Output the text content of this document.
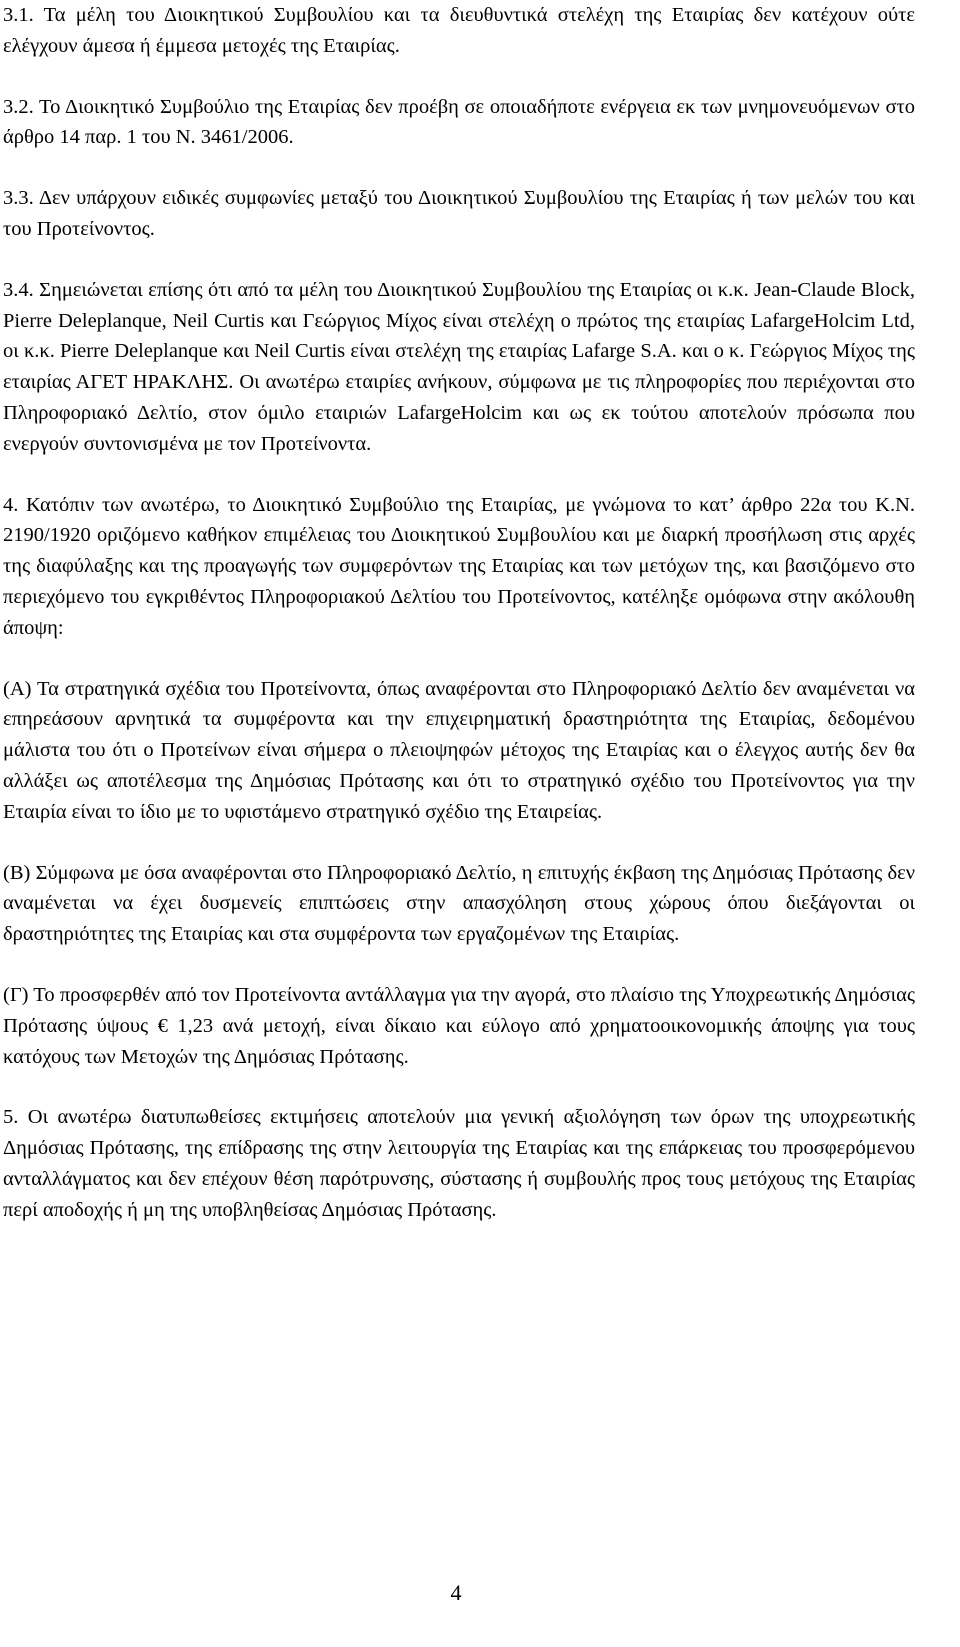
3.1. Τα μέλη του Διοικητικού Συμβουλίου και τα διευθυντικά στελέχη της Εταιρίας δεν κατέχουν ούτε ελέγχουν άμεσα ή έμμεσα μετοχές της Εταιρίας.

3.2. Το Διοικητικό Συμβούλιο της Εταιρίας δεν προέβη σε οποιαδήποτε ενέργεια εκ των μνημονευόμενων στο άρθρο 14 παρ. 1 του Ν. 3461/2006.

3.3. Δεν υπάρχουν ειδικές συμφωνίες μεταξύ του Διοικητικού Συμβουλίου της Εταιρίας ή των μελών του και του Προτείνοντος.

3.4. Σημειώνεται επίσης ότι από τα μέλη του Διοικητικού Συμβουλίου της Εταιρίας οι κ.κ. Jean-Claude Block, Pierre Deleplanque, Neil Curtis και Γεώργιος Μίχος είναι στελέχη ο πρώτος της εταιρίας LafargeHolcim Ltd, οι κ.κ. Pierre Deleplanque και Neil Curtis είναι στελέχη της εταιρίας Lafarge S.A. και ο κ. Γεώργιος Μίχος της εταιρίας ΑΓΕΤ ΗΡΑΚΛΗΣ. Οι ανωτέρω εταιρίες ανήκουν, σύμφωνα με τις πληροφορίες που περιέχονται στο Πληροφοριακό Δελτίο, στον όμιλο εταιριών LafargeHolcim και ως εκ τούτου αποτελούν πρόσωπα που ενεργούν συντονισμένα με τον Προτείνοντα.

4. Κατόπιν των ανωτέρω, το Διοικητικό Συμβούλιο της Εταιρίας, με γνώμονα το κατ’ άρθρο 22α του Κ.Ν. 2190/1920 οριζόμενο καθήκον επιμέλειας του Διοικητικού Συμβουλίου και με διαρκή προσήλωση στις αρχές της διαφύλαξης και της προαγωγής των συμφερόντων της Εταιρίας και των μετόχων της, και βασιζόμενο στο περιεχόμενο του εγκριθέντος Πληροφοριακού Δελτίου του Προτείνοντος, κατέληξε ομόφωνα στην ακόλουθη άποψη:

(Α) Τα στρατηγικά σχέδια του Προτείνοντα, όπως αναφέρονται στο Πληροφοριακό Δελτίο δεν αναμένεται να επηρεάσουν αρνητικά τα συμφέροντα και την επιχειρηματική δραστηριότητα της Εταιρίας, δεδομένου μάλιστα του ότι ο Προτείνων είναι σήμερα ο πλειοψηφών μέτοχος της Εταιρίας και ο έλεγχος αυτής δεν θα αλλάξει ως αποτέλεσμα της Δημόσιας Πρότασης και ότι το στρατηγικό σχέδιο του Προτείνοντος για την Εταιρία είναι το ίδιο με το υφιστάμενο στρατηγικό σχέδιο της Εταιρείας.

(Β) Σύμφωνα με όσα αναφέρονται στο Πληροφοριακό Δελτίο, η επιτυχής έκβαση της Δημόσιας Πρότασης δεν αναμένεται να έχει δυσμενείς επιπτώσεις στην απασχόληση στους χώρους όπου διεξάγονται οι δραστηριότητες της Εταιρίας και στα συμφέροντα των εργαζομένων της Εταιρίας.

(Γ) Το προσφερθέν από τον Προτείνοντα αντάλλαγμα για την αγορά, στο πλαίσιο της Υποχρεωτικής Δημόσιας Πρότασης ύψους € 1,23 ανά μετοχή, είναι δίκαιο και εύλογο από χρηματοοικονομικής άποψης για τους κατόχους των Μετοχών της Δημόσιας Πρότασης.

5. Οι ανωτέρω διατυπωθείσες εκτιμήσεις αποτελούν μια γενική αξιολόγηση των όρων της υποχρεωτικής Δημόσιας Πρότασης, της επίδρασης της στην λειτουργία της Εταιρίας και της επάρκειας του προσφερόμενου ανταλλάγματος και δεν επέχουν θέση παρότρυνσης, σύστασης ή συμβουλής προς τους μετόχους της Εταιρίας περί αποδοχής ή μη της υποβληθείσας Δημόσιας Πρότασης.

4
